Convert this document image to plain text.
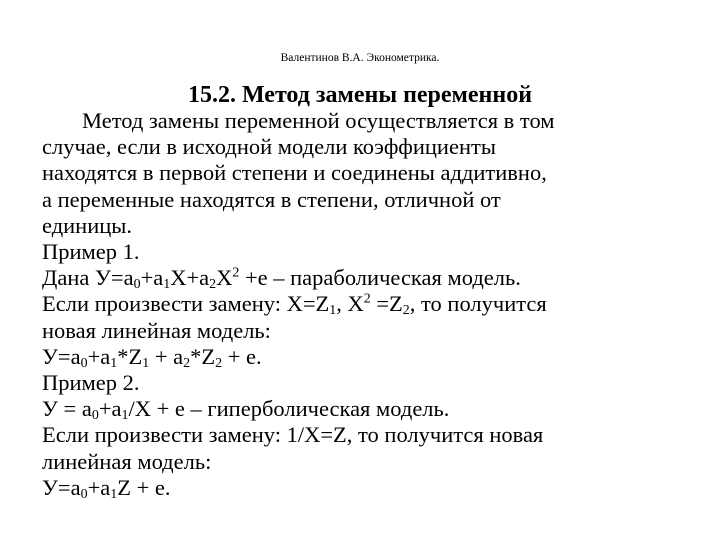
Валентинов В.А. Эконометрика.
15.2. Метод замены переменной
Метод замены переменной осуществляется в том
случае, если в исходной модели коэффициенты
находятся в первой степени и соединены аддитивно,
а переменные находятся в степени, отличной от
единицы.
Пример 1.
Дана $У=a_0+a_1X+a_2X^2 +e$ – параболическая модель.
Если произвести замену: $X=Z_1$, $X^2 =Z_2$, то получится
новая линейная модель:
$У=a_0+a_1*Z_1 + a_2*Z_2 + e$.
Пример 2.
$У = a_0+a_1/X + e$ – гиперболическая модель.
Если произвести замену: 1/X=Z, то получится новая
линейная модель:
$У=a_0+a_1Z + e$.
